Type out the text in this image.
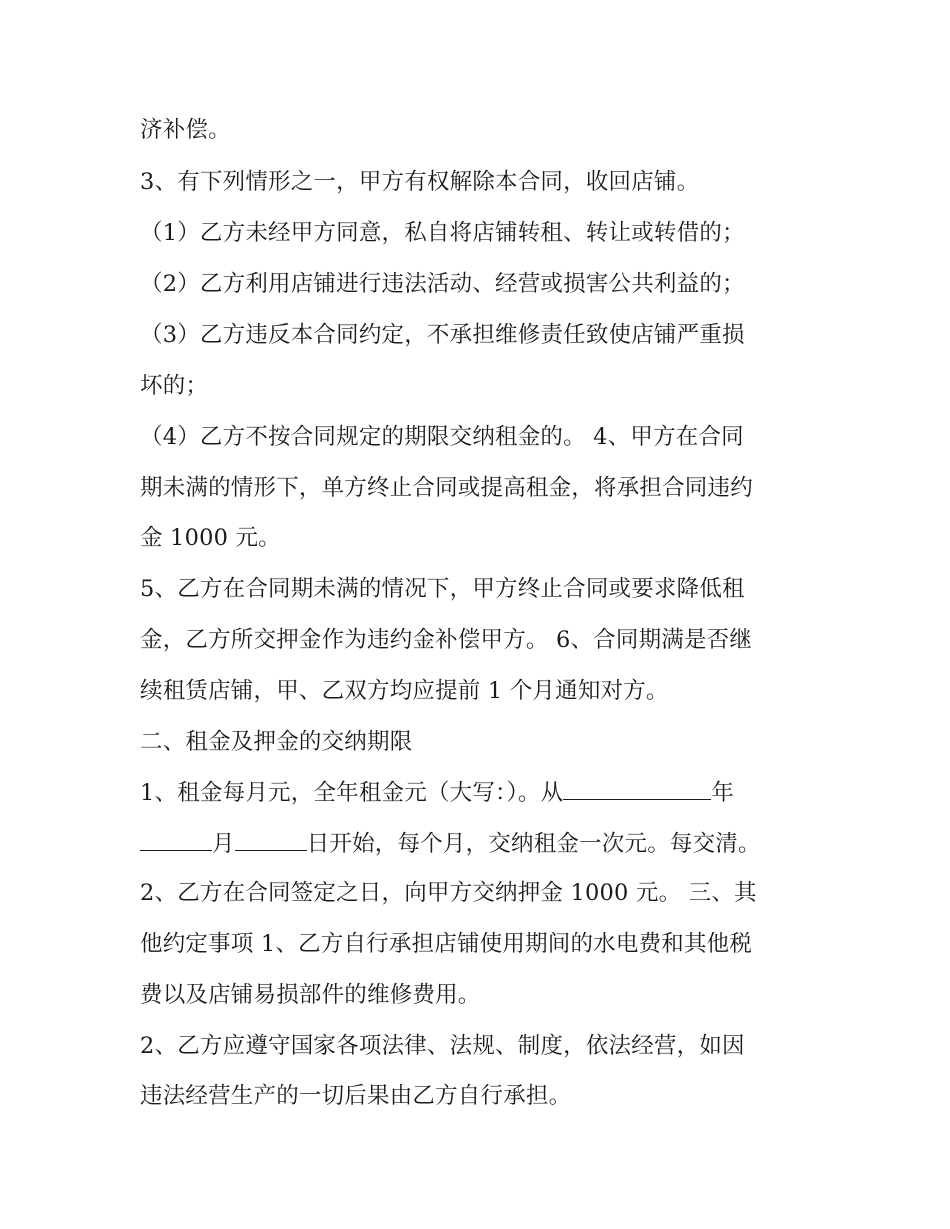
济补偿。
3、有下列情形之一，甲方有权解除本合同，收回店铺。
（1）乙方未经甲方同意，私自将店铺转租、转让或转借的；
（2）乙方利用店铺进行违法活动、经营或损害公共利益的；
（3）乙方违反本合同约定，不承担维修责任致使店铺严重损
坏的；
（4）乙方不按合同规定的期限交纳租金的。 4、甲方在合同
期未满的情形下，单方终止合同或提高租金，将承担合同违约
金 1000 元。
5、乙方在合同期未满的情况下，甲方终止合同或要求降低租
金，乙方所交押金作为违约金补偿甲方。 6、合同期满是否继
续租赁店铺，甲、乙双方均应提前 1 个月通知对方。
二、租金及押金的交纳期限
1、租金每月元，全年租金元（大写：）。从	年
月	日开始，每个月，交纳租金一次元。每交清。
2、乙方在合同签定之日，向甲方交纳押金 1000 元。 三、其
他约定事项 1、乙方自行承担店铺使用期间的水电费和其他税
费以及店铺易损部件的维修费用。
2、乙方应遵守国家各项法律、法规、制度，依法经营，如因
违法经营生产的一切后果由乙方自行承担。
